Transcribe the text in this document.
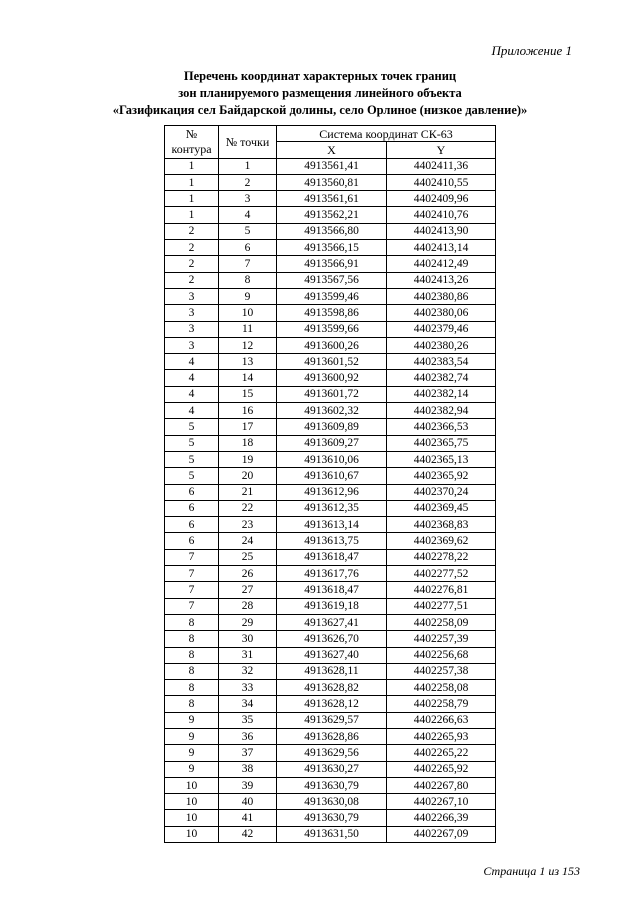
Приложение 1
Перечень координат характерных точек границ
зон планируемого размещения линейного объекта
«Газификация сел Байдарской долины, село Орлиное (низкое давление)»
№
контура	№ точки	Система координат СК-63	
		X	Y
1	1	4913561,41	4402411,36
1	2	4913560,81	4402410,55
1	3	4913561,61	4402409,96
1	4	4913562,21	4402410,76
2	5	4913566,80	4402413,90
2	6	4913566,15	4402413,14
2	7	4913566,91	4402412,49
2	8	4913567,56	4402413,26
3	9	4913599,46	4402380,86
3	10	4913598,86	4402380,06
3	11	4913599,66	4402379,46
3	12	4913600,26	4402380,26
4	13	4913601,52	4402383,54
4	14	4913600,92	4402382,74
4	15	4913601,72	4402382,14
4	16	4913602,32	4402382,94
5	17	4913609,89	4402366,53
5	18	4913609,27	4402365,75
5	19	4913610,06	4402365,13
5	20	4913610,67	4402365,92
6	21	4913612,96	4402370,24
6	22	4913612,35	4402369,45
6	23	4913613,14	4402368,83
6	24	4913613,75	4402369,62
7	25	4913618,47	4402278,22
7	26	4913617,76	4402277,52
7	27	4913618,47	4402276,81
7	28	4913619,18	4402277,51
8	29	4913627,41	4402258,09
8	30	4913626,70	4402257,39
8	31	4913627,40	4402256,68
8	32	4913628,11	4402257,38
8	33	4913628,82	4402258,08
8	34	4913628,12	4402258,79
9	35	4913629,57	4402266,63
9	36	4913628,86	4402265,93
9	37	4913629,56	4402265,22
9	38	4913630,27	4402265,92
10	39	4913630,79	4402267,80
10	40	4913630,08	4402267,10
10	41	4913630,79	4402266,39
10	42	4913631,50	4402267,09
Страница 1 из 153
